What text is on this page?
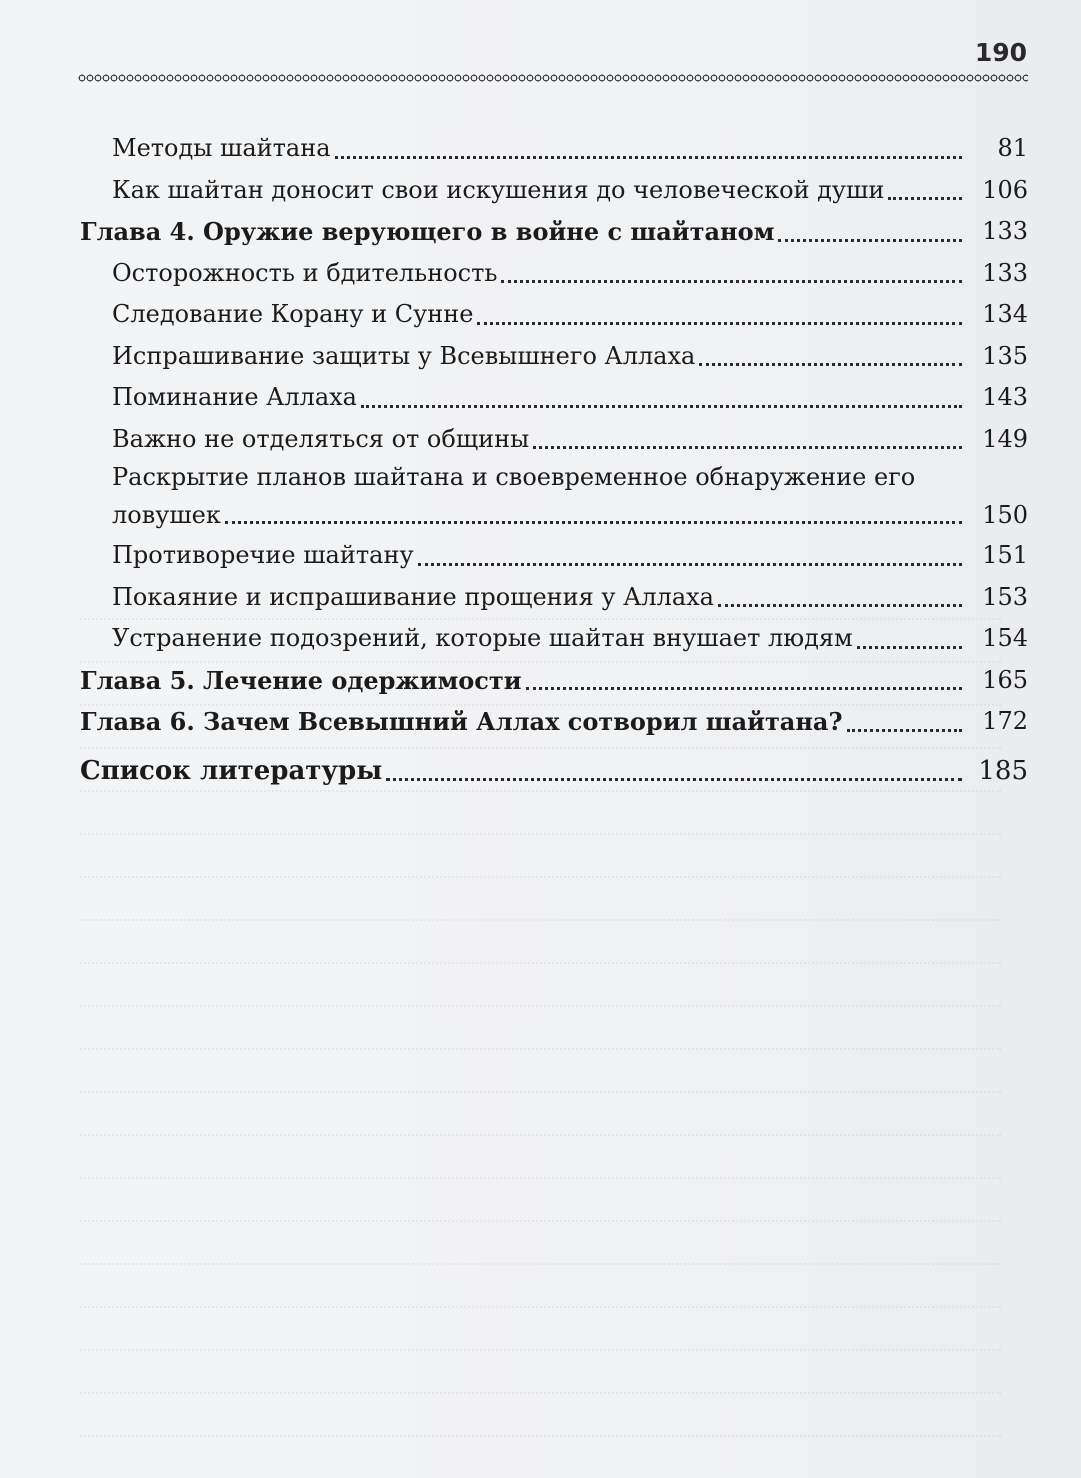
190
Методы шайтана	81
Как шайтан доносит свои искушения до человеческой души	106
Глава 4. Оружие верующего в войне с шайтаном	133
Осторожность и бдительность	133
Следование Корану и Сунне	134
Испрашивание защиты у Всевышнего Аллаха	135
Поминание Аллаха	143
Важно не отделяться от общины	149
Раскрытие планов шайтана и своевременное обнаружение его
ловушек	150
Противоречие шайтану	151
Покаяние и испрашивание прощения у Аллаха	153
Устранение подозрений, которые шайтан внушает людям	154
Глава 5. Лечение одержимости	165
Глава 6. Зачем Всевышний Аллах сотворил шайтана?	172
Список литературы	185
